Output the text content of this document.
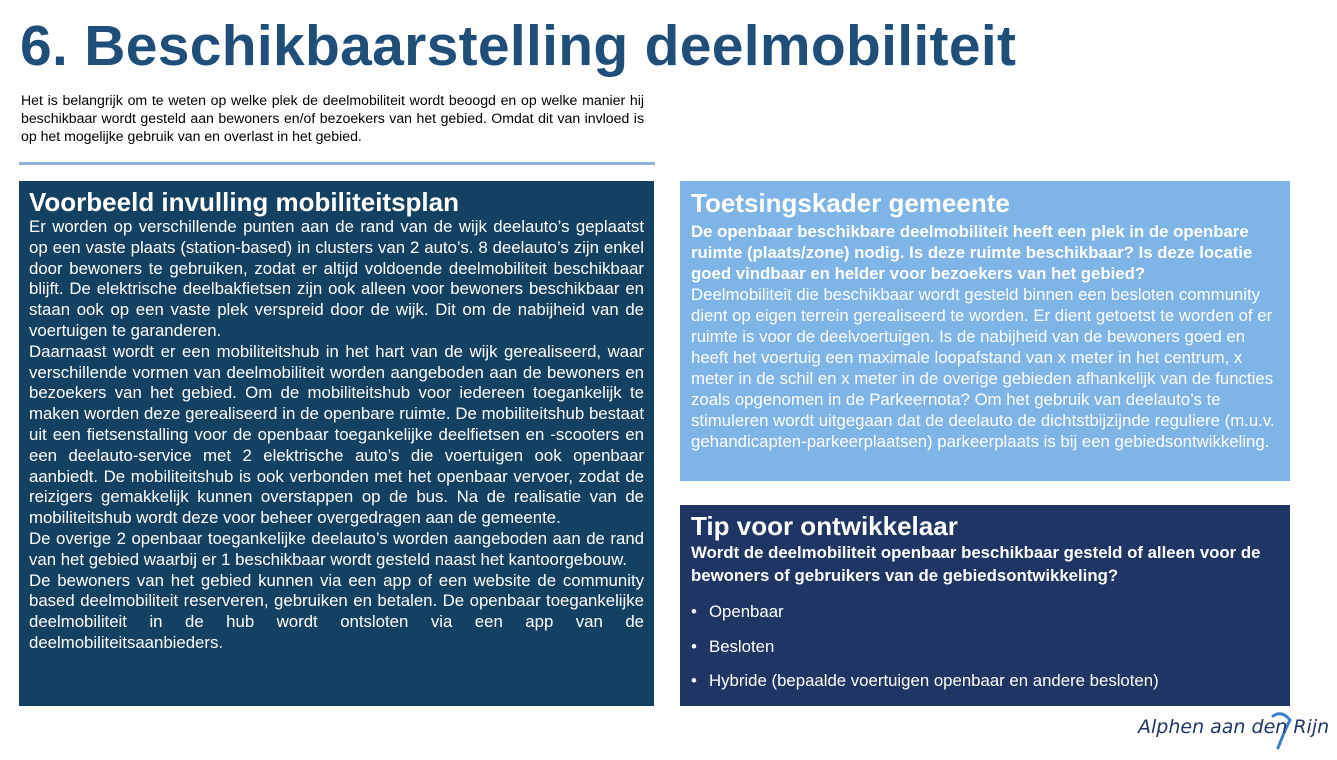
6. Beschikbaarstelling deelmobiliteit

Het is belangrijk om te weten op welke plek de deelmobiliteit wordt beoogd en op welke manier hij beschikbaar wordt gesteld aan bewoners en/of bezoekers van het gebied. Omdat dit van invloed is op het mogelijke gebruik van en overlast in het gebied.

Voorbeeld invulling mobiliteitsplan

Er worden op verschillende punten aan de rand van de wijk deelauto’s geplaatst op een vaste plaats (station-based) in clusters van 2 auto’s. 8 deelauto’s zijn enkel door bewoners te gebruiken, zodat er altijd voldoende deelmobiliteit beschikbaar blijft. De elektrische deelbakfietsen zijn ook alleen voor bewoners beschikbaar en staan ook op een vaste plek verspreid door de wijk. Dit om de nabijheid van de voertuigen te garanderen.

Daarnaast wordt er een mobiliteitshub in het hart van de wijk gerealiseerd, waar verschillende vormen van deelmobiliteit worden aangeboden aan de bewoners en bezoekers van het gebied. Om de mobiliteitshub voor iedereen toegankelijk te maken worden deze gerealiseerd in de openbare ruimte. De mobiliteitshub bestaat uit een fietsenstalling voor de openbaar toegankelijke deelfietsen en -scooters en een deelauto-service met 2 elektrische auto’s die voertuigen ook openbaar aanbiedt. De mobiliteitshub is ook verbonden met het openbaar vervoer, zodat de reizigers gemakkelijk kunnen overstappen op de bus. Na de realisatie van de mobiliteitshub wordt deze voor beheer overgedragen aan de gemeente.

De overige 2 openbaar toegankelijke deelauto’s worden aangeboden aan de rand van het gebied waarbij er 1 beschikbaar wordt gesteld naast het kantoorgebouw.

De bewoners van het gebied kunnen via een app of een website de community based deelmobiliteit reserveren, gebruiken en betalen. De openbaar toegankelijke deelmobiliteit in de hub wordt ontsloten via een app van de deelmobiliteitsaanbieders.

Toetsingskader gemeente

De openbaar beschikbare deelmobiliteit heeft een plek in de openbare ruimte (plaats/zone) nodig. Is deze ruimte beschikbaar? Is deze locatie goed vindbaar en helder voor bezoekers van het gebied?

Deelmobiliteit die beschikbaar wordt gesteld binnen een besloten community dient op eigen terrein gerealiseerd te worden. Er dient getoetst te worden of er ruimte is voor de deelvoertuigen. Is de nabijheid van de bewoners goed en heeft het voertuig een maximale loopafstand van x meter in het centrum, x meter in de schil en x meter in de overige gebieden afhankelijk van de functies zoals opgenomen in de Parkeernota? Om het gebruik van deelauto’s te stimuleren wordt uitgegaan dat de deelauto de dichtstbijzijnde reguliere (m.u.v. gehandicapten-parkeerplaatsen) parkeerplaats is bij een gebiedsontwikkeling.

Tip voor ontwikkelaar

Wordt de deelmobiliteit openbaar beschikbaar gesteld of alleen voor de bewoners of gebruikers van de gebiedsontwikkeling?

• Openbaar
• Besloten
• Hybride (bepaalde voertuigen openbaar en andere besloten)
Alphen aan den Rijn
